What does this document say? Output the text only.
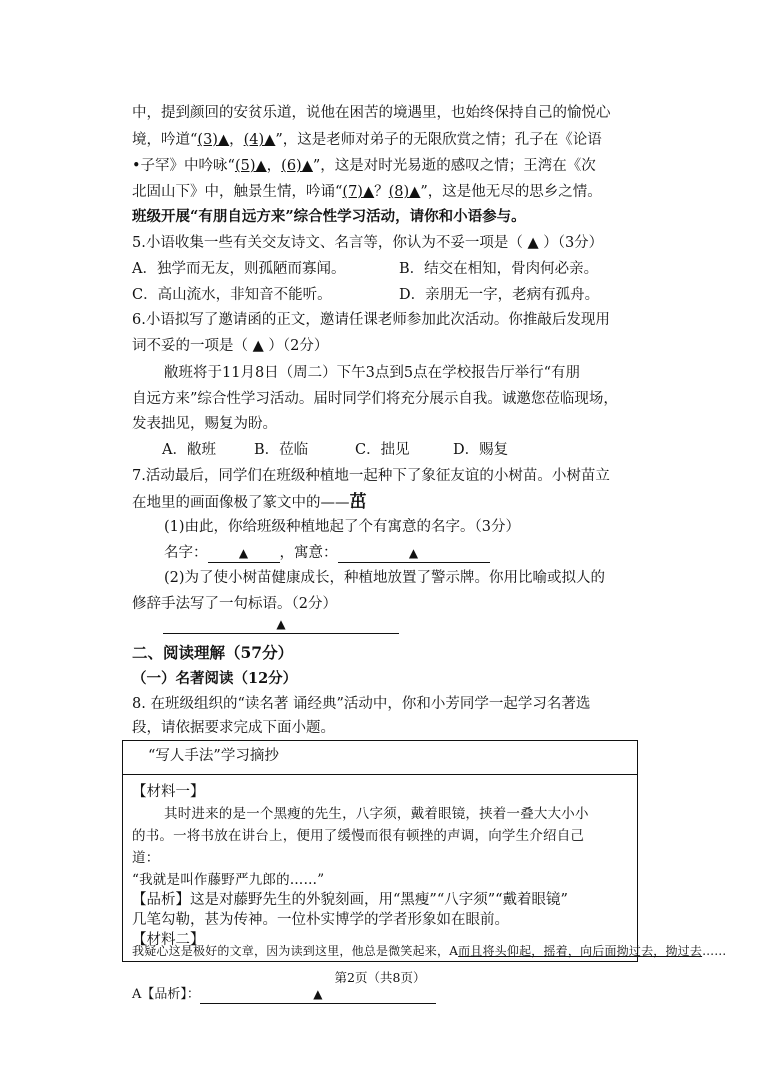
中，提到颜回的安贫乐道，说他在困苦的境遇里，也始终保持自己的愉悦心
境，吟道“(3)▲，(4)▲”，这是老师对弟子的无限欣赏之情；孔子在《论语
•子罕》中吟咏“(5)▲，(6)▲”，这是对时光易逝的感叹之情；王湾在《次
北固山下》中，触景生情，吟诵“(7)▲？(8)▲”，这是他无尽的思乡之情。
班级开展“有朋自远方来”综合性学习活动，请你和小语参与。
5.小语收集一些有关交友诗文、名言等，你认为不妥一项是（ ▲ ）（3分）
A．独学而无友，则孤陋而寡闻。	B．结交在相知，骨肉何必亲。
C．高山流水，非知音不能听。	D．亲朋无一字，老病有孤舟。
6.小语拟写了邀请函的正文，邀请任课老师参加此次活动。你推敲后发现用
词不妥的一项是（ ▲ ）（2分）
敝班将于11月8日（周二）下午3点到5点在学校报告厅举行“有朋
自远方来”综合性学习活动。届时同学们将充分展示自我。诚邀您莅临现场，
发表拙见，赐复为盼。
A．敝班	B．莅临	C．拙见	D．赐复
7.活动最后，同学们在班级种植地一起种下了象征友谊的小树苗。小树苗立
在地里的画面像极了篆文中的——茁
(1)由此，你给班级种植地起了个有寓意的名字。（3分）
名字：	▲ ，寓意：	▲
(2)为了使小树苗健康成长，种植地放置了警示牌。你用比喻或拟人的
修辞手法写了一句标语。（2分）
▲
二、阅读理解（57分）
（一）名著阅读（12分）
8. 在班级组织的“读名著 诵经典”活动中，你和小芳同学一起学习名著选
段，请依据要求完成下面小题。
“写人手法”学习摘抄
【材料一】
其时进来的是一个黑瘦的先生，八字须，戴着眼镜，挟着一叠大大小小
的书。一将书放在讲台上，便用了缓慢而很有顿挫的声调，向学生介绍自己
道：
“我就是叫作藤野严九郎的……”
【品析】这是对藤野先生的外貌刻画，用“黑瘦”“八字须”“戴着眼镜”
几笔勾勒，甚为传神。一位朴实博学的学者形象如在眼前。
【材料二】
第2页（共8页）
我疑心这是极好的文章，因为读到这里，他总是微笑起来，A而且将头仰起，摇着，向后面拗过去，拗过去……
A【品析】：	▲
